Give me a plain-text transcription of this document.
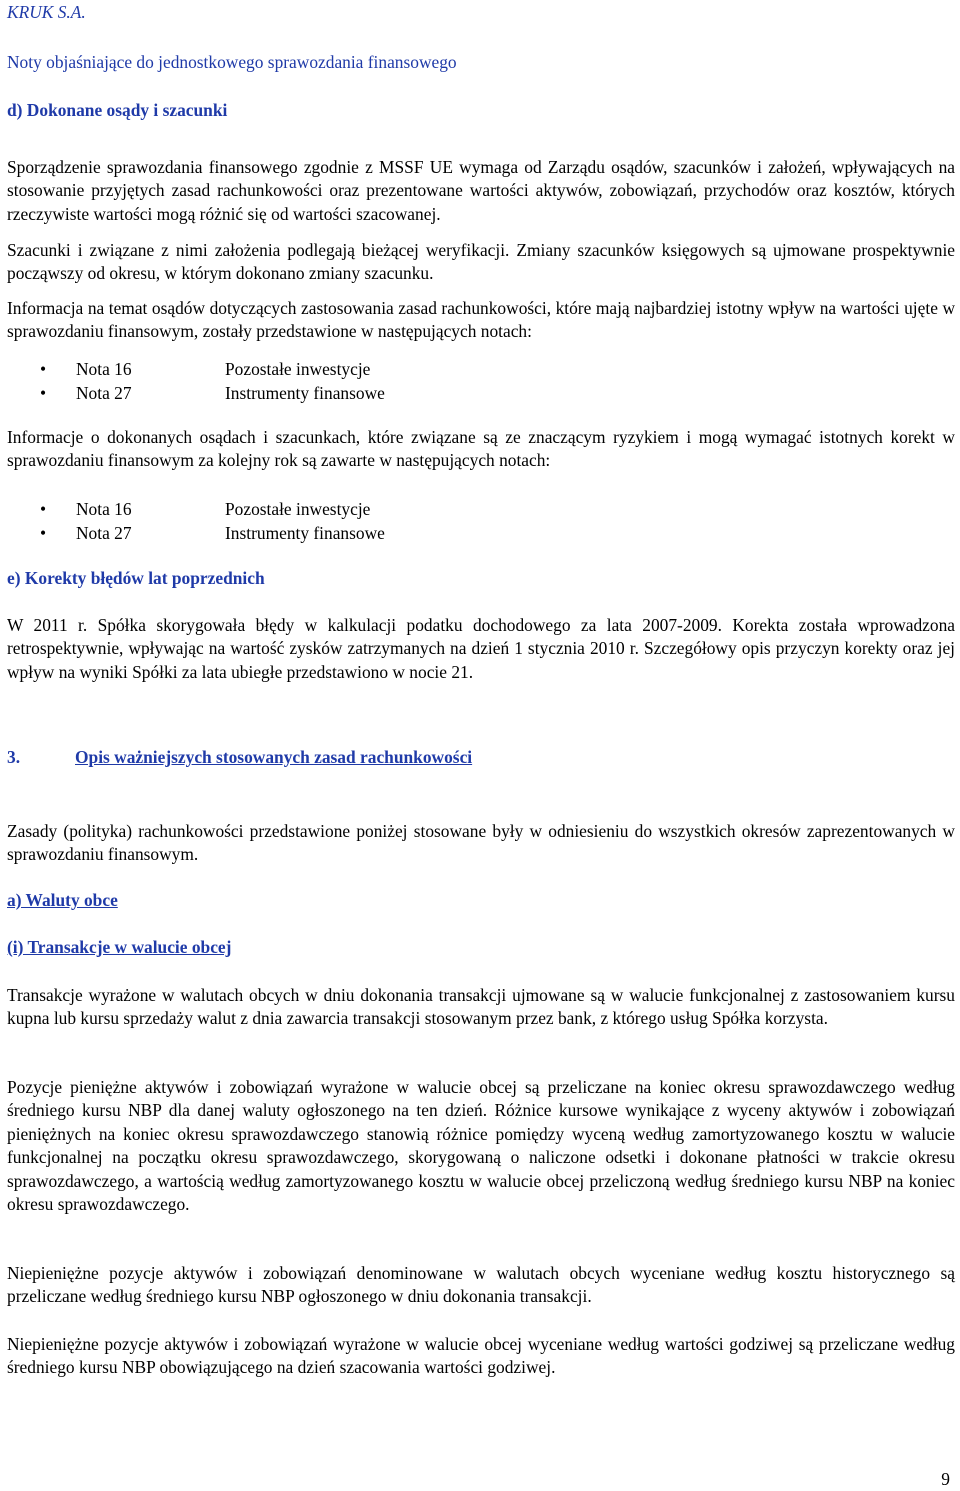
KRUK S.A.
Noty objaśniające do jednostkowego sprawozdania finansowego
d) Dokonane osądy i szacunki
Sporządzenie sprawozdania finansowego zgodnie z MSSF UE wymaga od Zarządu osądów, szacunków i założeń, wpływających na stosowanie przyjętych zasad rachunkowości oraz prezentowane wartości aktywów, zobowiązań, przychodów oraz kosztów, których rzeczywiste wartości mogą różnić się od wartości szacowanej.
Szacunki i związane z nimi założenia podlegają bieżącej weryfikacji. Zmiany szacunków księgowych są ujmowane prospektywnie począwszy od okresu, w którym dokonano zmiany szacunku.
Informacja na temat osądów dotyczących zastosowania zasad rachunkowości, które mają najbardziej istotny wpływ na wartości ujęte w sprawozdaniu finansowym, zostały przedstawione w następujących notach:
• Nota 16	Pozostałe inwestycje
• Nota 27	Instrumenty finansowe
Informacje o dokonanych osądach i szacunkach, które związane są ze znaczącym ryzykiem i mogą wymagać istotnych korekt w sprawozdaniu finansowym za kolejny rok są zawarte w następujących notach:
• Nota 16	Pozostałe inwestycje
• Nota 27	Instrumenty finansowe
e) Korekty błędów lat poprzednich
W 2011 r. Spółka skorygowała błędy w kalkulacji podatku dochodowego za lata 2007-2009. Korekta została wprowadzona retrospektywnie, wpływając na wartość zysków zatrzymanych na dzień 1 stycznia 2010 r. Szczegółowy opis przyczyn korekty oraz jej wpływ na wyniki Spółki za lata ubiegłe przedstawiono w nocie 21.
3.	Opis ważniejszych stosowanych zasad rachunkowości
Zasady (polityka) rachunkowości przedstawione poniżej stosowane były w odniesieniu do wszystkich okresów zaprezentowanych w sprawozdaniu finansowym.
a) Waluty obce
(i) Transakcje w walucie obcej
Transakcje wyrażone w walutach obcych w dniu dokonania transakcji ujmowane są w walucie funkcjonalnej z zastosowaniem kursu kupna lub kursu sprzedaży walut z dnia zawarcia transakcji stosowanym przez bank, z którego usług Spółka korzysta.
Pozycje pieniężne aktywów i zobowiązań wyrażone w walucie obcej są przeliczane na koniec okresu sprawozdawczego według średniego kursu NBP dla danej waluty ogłoszonego na ten dzień. Różnice kursowe wynikające z wyceny aktywów i zobowiązań pieniężnych na koniec okresu sprawozdawczego stanowią różnice pomiędzy wyceną według zamortyzowanego kosztu w walucie funkcjonalnej na początku okresu sprawozdawczego, skorygowaną o naliczone odsetki i dokonane płatności w trakcie okresu sprawozdawczego, a wartością według zamortyzowanego kosztu w walucie obcej przeliczoną według średniego kursu NBP na koniec okresu sprawozdawczego.
Niepieniężne pozycje aktywów i zobowiązań denominowane w walutach obcych wyceniane według kosztu historycznego są przeliczane według średniego kursu NBP ogłoszonego w dniu dokonania transakcji.
Niepieniężne pozycje aktywów i zobowiązań wyrażone w walucie obcej wyceniane według wartości godziwej są przeliczane według średniego kursu NBP obowiązującego na dzień szacowania wartości godziwej.
9
